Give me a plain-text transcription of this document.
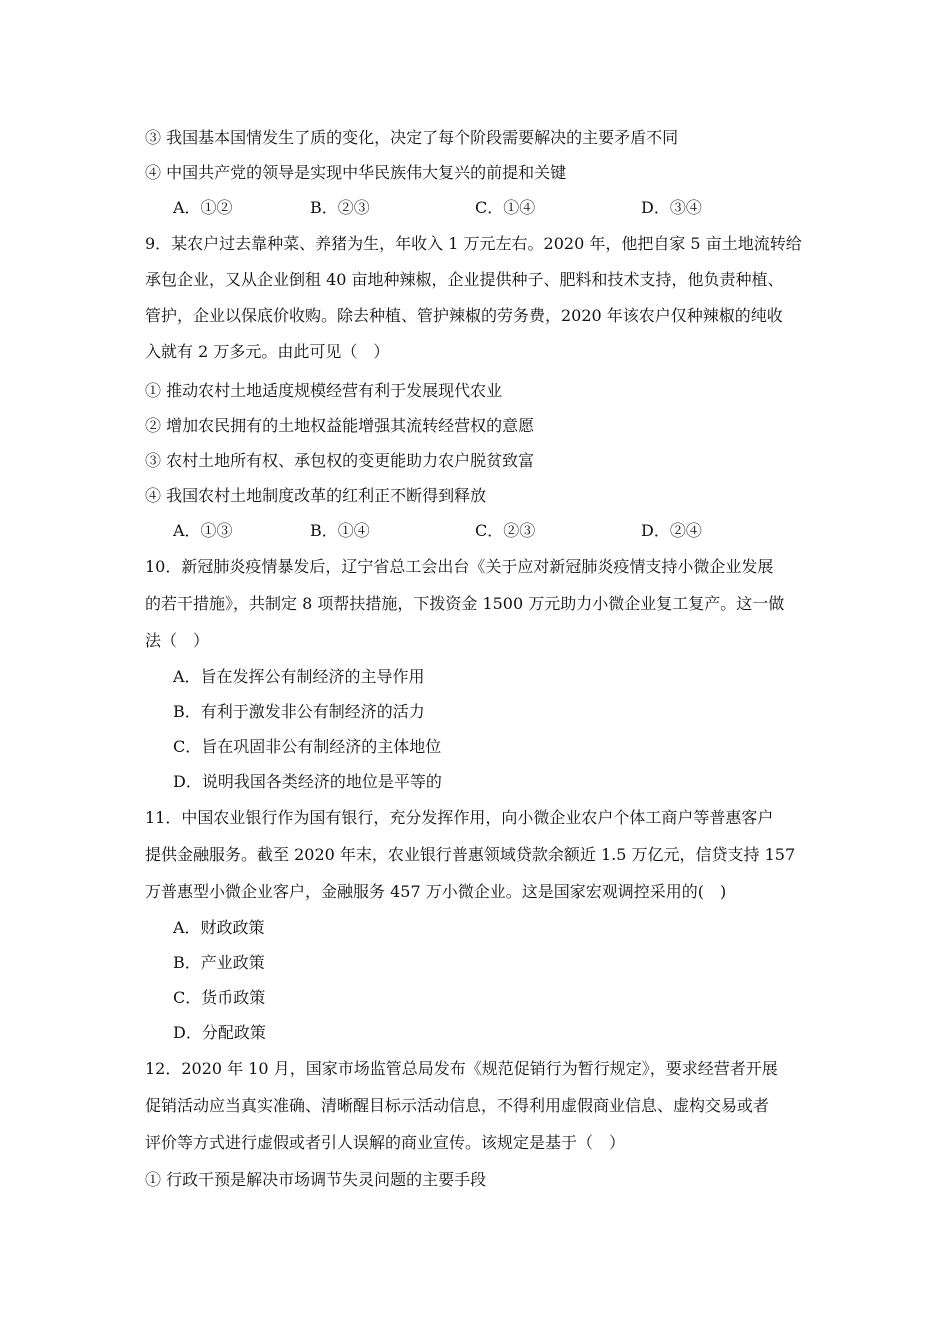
③ 我国基本国情发生了质的变化，决定了每个阶段需要解决的主要矛盾不同
④ 中国共产党的领导是实现中华民族伟大复兴的前提和关键
A．①②	B．②③	C．①④	D．③④
9．某农户过去靠种菜、养猪为生，年收入 1 万元左右。2020 年，他把自家 5 亩土地流转给
承包企业，又从企业倒租 40 亩地种辣椒，企业提供种子、肥料和技术支持，他负责种植、
管护，企业以保底价收购。除去种植、管护辣椒的劳务费，2020 年该农户仅种辣椒的纯收
入就有 2 万多元。由此可见（　）
① 推动农村土地适度规模经营有利于发展现代农业
② 增加农民拥有的土地权益能增强其流转经营权的意愿
③ 农村土地所有权、承包权的变更能助力农户脱贫致富
④ 我国农村土地制度改革的红利正不断得到释放
A．①③	B．①④	C．②③	D．②④
10．新冠肺炎疫情暴发后，辽宁省总工会出台《关于应对新冠肺炎疫情支持小微企业发展
的若干措施》，共制定 8 项帮扶措施，下拨资金 1500 万元助力小微企业复工复产。这一做
法（　）
A．旨在发挥公有制经济的主导作用
B．有利于激发非公有制经济的活力
C．旨在巩固非公有制经济的主体地位
D．说明我国各类经济的地位是平等的
11．中国农业银行作为国有银行，充分发挥作用，向小微企业农户个体工商户等普惠客户
提供金融服务。截至 2020 年末，农业银行普惠领域贷款余额近 1.5 万亿元，信贷支持 157
万普惠型小微企业客户，金融服务 457 万小微企业。这是国家宏观调控采用的(　)
A．财政政策
B．产业政策
C．货币政策
D．分配政策
12．2020 年 10 月，国家市场监管总局发布《规范促销行为暂行规定》，要求经营者开展
促销活动应当真实准确、清晰醒目标示活动信息，不得利用虚假商业信息、虚构交易或者
评价等方式进行虚假或者引人误解的商业宣传。该规定是基于（　）
① 行政干预是解决市场调节失灵问题的主要手段
